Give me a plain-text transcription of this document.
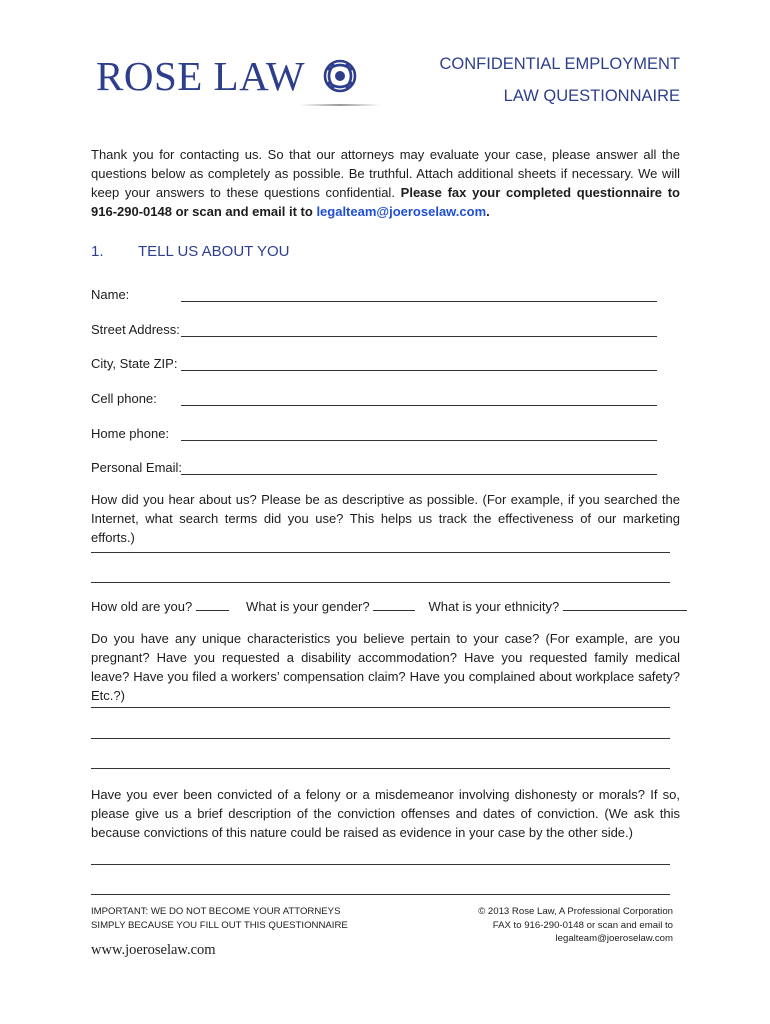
ROSE LAW	CONFIDENTIAL EMPLOYMENT
LAW QUESTIONNAIRE
Thank you for contacting us. So that our attorneys may evaluate your case, please answer all the questions below as completely as possible. Be truthful. Attach additional sheets if necessary. We will keep your answers to these questions confidential. Please fax your completed questionnaire to 916-290-0148 or scan and email it to legalteam@joeroselaw.com.
1. TELL US ABOUT YOU
Name:
Street Address:
City, State ZIP:
Cell phone:
Home phone:
Personal Email:
How did you hear about us? Please be as descriptive as possible. (For example, if you searched the Internet, what search terms did you use? This helps us track the effectiveness of our marketing efforts.)
How old are you?	What is your gender?	What is your ethnicity?
Do you have any unique characteristics you believe pertain to your case? (For example, are you pregnant? Have you requested a disability accommodation? Have you requested family medical leave? Have you filed a workers’ compensation claim? Have you complained about workplace safety? Etc.?)
Have you ever been convicted of a felony or a misdemeanor involving dishonesty or morals? If so, please give us a brief description of the conviction offenses and dates of conviction. (We ask this because convictions of this nature could be raised as evidence in your case by the other side.)
IMPORTANT: WE DO NOT BECOME YOUR ATTORNEYS
SIMPLY BECAUSE YOU FILL OUT THIS QUESTIONNAIRE
© 2013 Rose Law, A Professional Corporation
FAX to 916-290-0148 or scan and email to
legalteam@joeroselaw.com
www.joeroselaw.com
